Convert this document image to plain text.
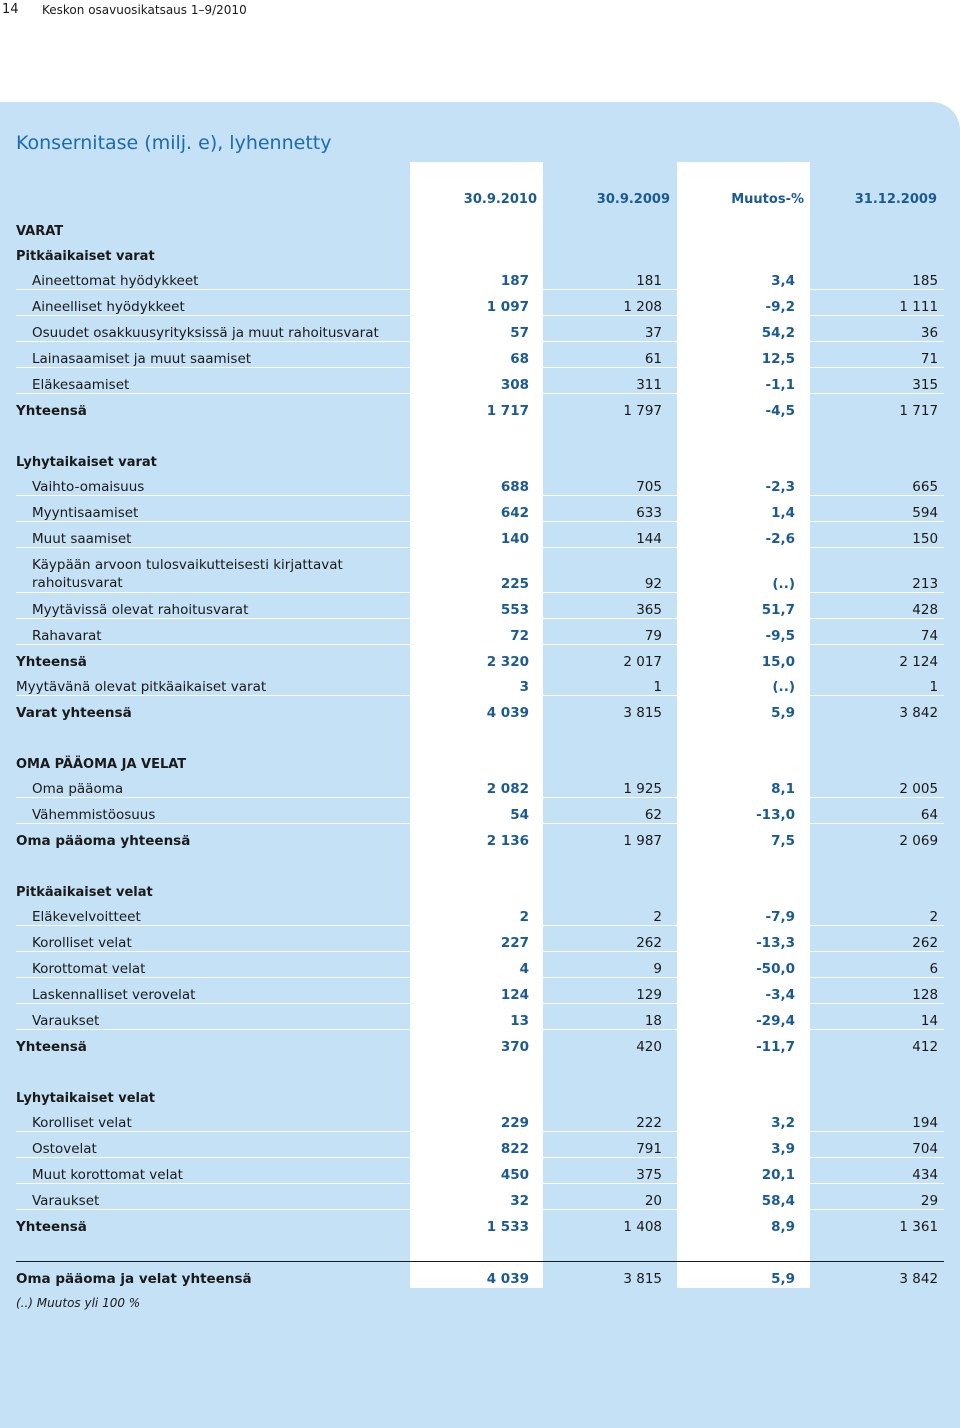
14 Keskon osavuosikatsaus 1–9/2010
Konsernitase (milj. e), lyhennetty
30.9.2010	30.9.2009	Muutos-%	31.12.2009
VARAT				
Pitkäaikaiset varat				
Aineettomat hyödykkeet	187	181	3,4	185
Aineelliset hyödykkeet	1 097	1 208	-9,2	1 111
Osuudet osakkuusyrityksissä ja muut rahoitusvarat	57	37	54,2	36
Lainasaamiset ja muut saamiset	68	61	12,5	71
Eläkesaamiset	308	311	-1,1	315
Yhteensä	1 717	1 797	-4,5	1 717

Lyhytaikaiset varat				
Vaihto-omaisuus	688	705	-2,3	665
Myyntisaamiset	642	633	1,4	594
Muut saamiset	140	144	-2,6	150
Käypään arvoon tulosvaikutteisesti kirjattavat rahoitusvarat	225	92	(..)	213
Myytävissä olevat rahoitusvarat	553	365	51,7	428
Rahavarat	72	79	-9,5	74
Yhteensä	2 320	2 017	15,0	2 124
Myytävänä olevat pitkäaikaiset varat	3	1	(..)	1
Varat yhteensä	4 039	3 815	5,9	3 842

OMA PÄÄOMA JA VELAT				
Oma pääoma	2 082	1 925	8,1	2 005
Vähemmistöosuus	54	62	-13,0	64
Oma pääoma yhteensä	2 136	1 987	7,5	2 069

Pitkäaikaiset velat				
Eläkevelvoitteet	2	2	-7,9	2
Korolliset velat	227	262	-13,3	262
Korottomat velat	4	9	-50,0	6
Laskennalliset verovelat	124	129	-3,4	128
Varaukset	13	18	-29,4	14
Yhteensä	370	420	-11,7	412

Lyhytaikaiset velat				
Korolliset velat	229	222	3,2	194
Ostovelat	822	791	3,9	704
Muut korottomat velat	450	375	20,1	434
Varaukset	32	20	58,4	29
Yhteensä	1 533	1 408	8,9	1 361

Oma pääoma ja velat yhteensä	4 039	3 815	5,9	3 842
(..) Muutos yli 100 %
